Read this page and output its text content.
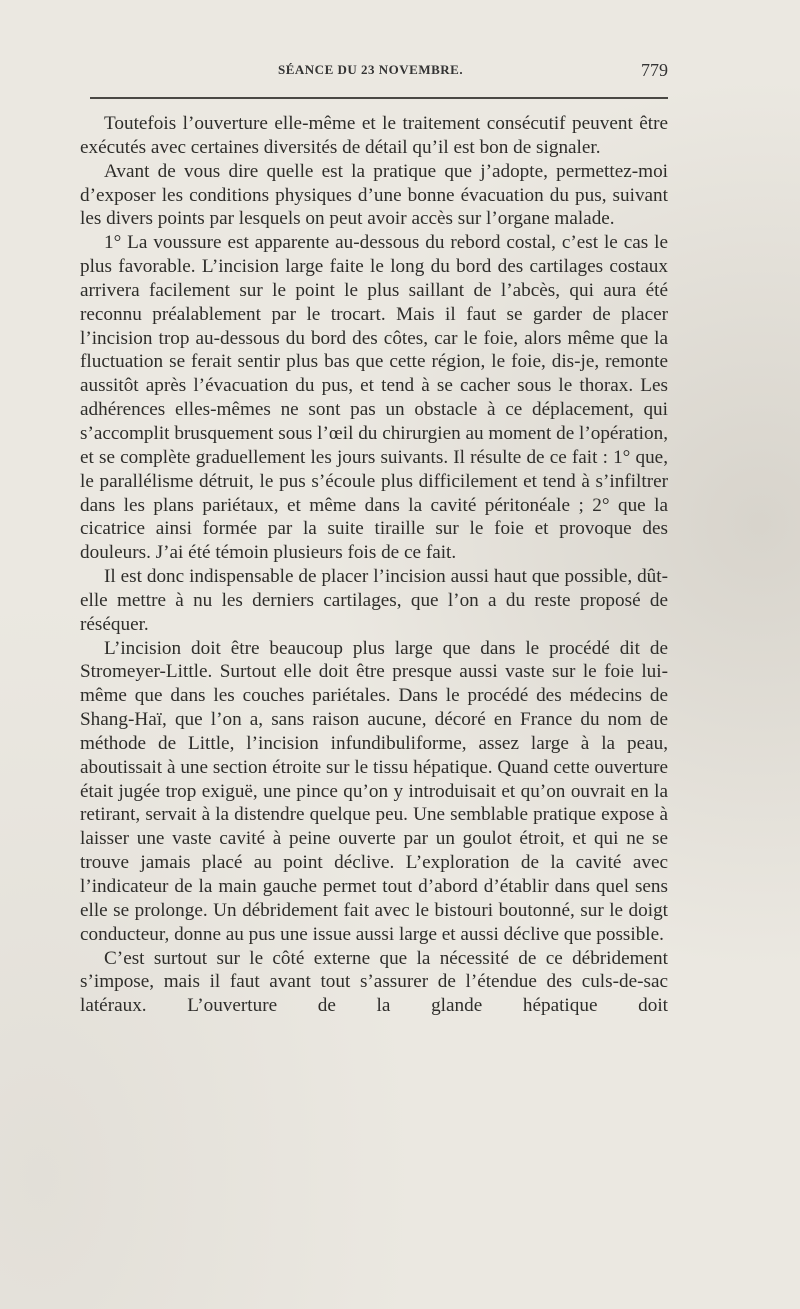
SÉANCE DU 23 NOVEMBRE.	779

Toutefois l’ouverture elle-même et le traitement consécutif peuvent être exécutés avec certaines diversités de détail qu’il est bon de signaler.

Avant de vous dire quelle est la pratique que j’adopte, permettez-moi d’exposer les conditions physiques d’une bonne évacuation du pus, suivant les divers points par lesquels on peut avoir accès sur l’organe malade.

1° La voussure est apparente au-dessous du rebord costal, c’est le cas le plus favorable. L’incision large faite le long du bord des cartilages costaux arrivera facilement sur le point le plus saillant de l’abcès, qui aura été reconnu préalablement par le trocart. Mais il faut se garder de placer l’incision trop au-dessous du bord des côtes, car le foie, alors même que la fluctuation se ferait sentir plus bas que cette région, le foie, dis-je, remonte aussitôt après l’évacuation du pus, et tend à se cacher sous le thorax. Les adhérences elles-mêmes ne sont pas un obstacle à ce déplacement, qui s’accomplit brusquement sous l’œil du chirurgien au moment de l’opération, et se complète graduellement les jours suivants. Il résulte de ce fait : 1° que, le parallélisme détruit, le pus s’écoule plus difficilement et tend à s’infiltrer dans les plans pariétaux, et même dans la cavité péritonéale ; 2° que la cicatrice ainsi formée par la suite tiraille sur le foie et provoque des douleurs. J’ai été témoin plusieurs fois de ce fait.

Il est donc indispensable de placer l’incision aussi haut que possible, dût-elle mettre à nu les derniers cartilages, que l’on a du reste proposé de réséquer.

L’incision doit être beaucoup plus large que dans le procédé dit de Stromeyer-Little. Surtout elle doit être presque aussi vaste sur le foie lui-même que dans les couches pariétales. Dans le procédé des médecins de Shang-Haï, que l’on a, sans raison aucune, décoré en France du nom de méthode de Little, l’incision infundibuliforme, assez large à la peau, aboutissait à une section étroite sur le tissu hépatique. Quand cette ouverture était jugée trop exiguë, une pince qu’on y introduisait et qu’on ouvrait en la retirant, servait à la distendre quelque peu. Une semblable pratique expose à laisser une vaste cavité à peine ouverte par un goulot étroit, et qui ne se trouve jamais placé au point déclive. L’exploration de la cavité avec l’indicateur de la main gauche permet tout d’abord d’établir dans quel sens elle se prolonge. Un débridement fait avec le bistouri boutonné, sur le doigt conducteur, donne au pus une issue aussi large et aussi déclive que possible.

C’est surtout sur le côté externe que la nécessité de ce débridement s’impose, mais il faut avant tout s’assurer de l’étendue des culs-de-sac latéraux. L’ouverture de la glande hépatique doit
